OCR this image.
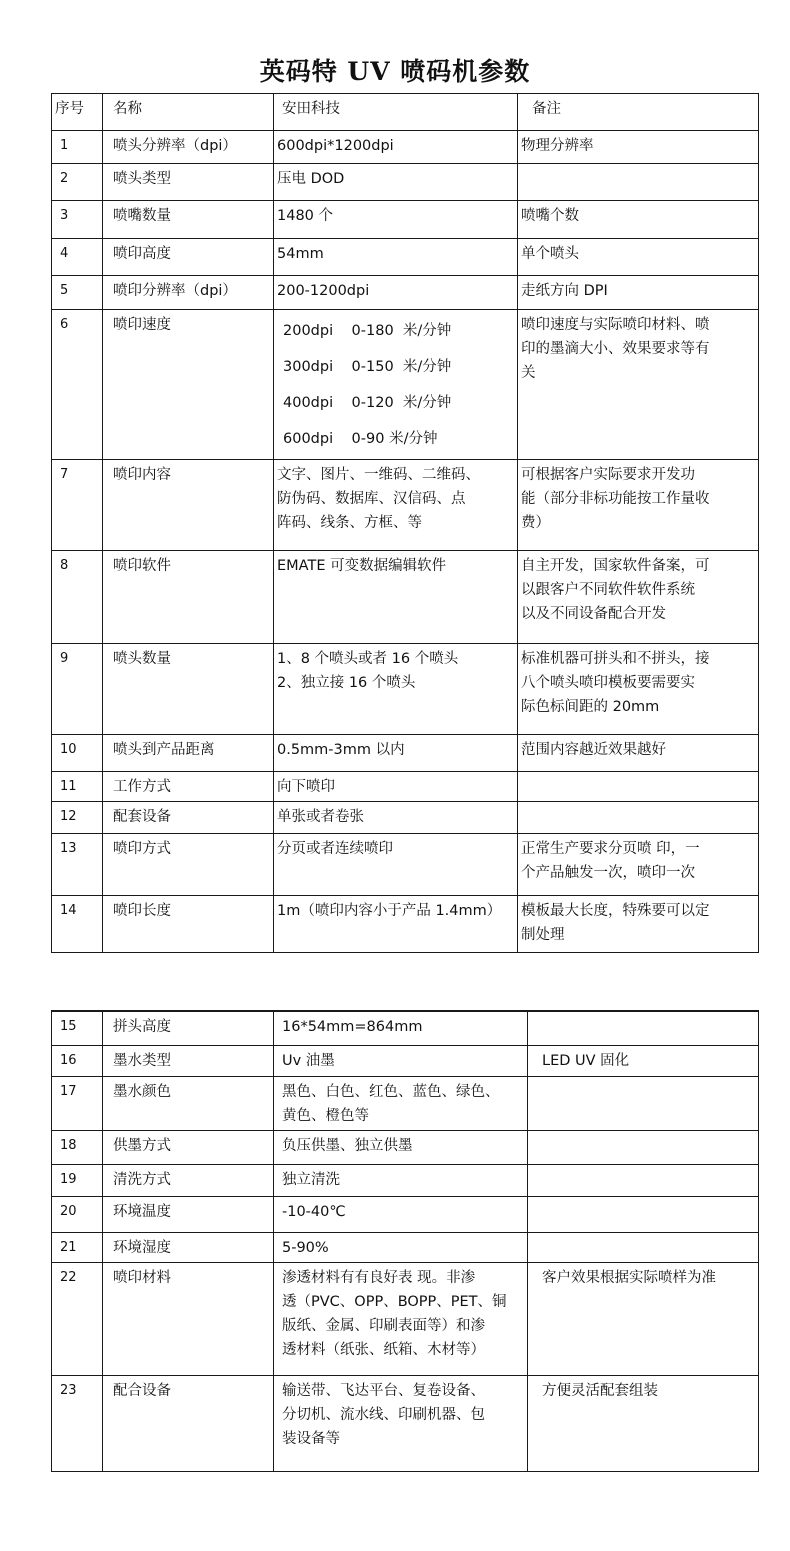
英码特 UV 喷码机参数
序号	名称	安田科技	备注
1	喷头分辨率（dpi）	600dpi*1200dpi	物理分辨率

2	喷头类型	压电 DOD	

3	喷嘴数量	1480 个	喷嘴个数

4	喷印高度	54mm	单个喷头

5	喷印分辨率（dpi）	200-1200dpi	走纸方向 DPI

6	喷印速度	200dpi    0-180  米/分钟
300dpi    0-150  米/分钟
400dpi    0-120  米/分钟
600dpi    0-90 米/分钟	喷印速度与实际喷印材料、喷
印的墨滴大小、效果要求等有
关

7	喷印内容	文字、图片、一维码、二维码、
防伪码、数据库、汉信码、点
阵码、线条、方框、等	可根据客户实际要求开发功
能（部分非标功能按工作量收
费）

8	喷印软件	EMATE 可变数据编辑软件	自主开发，国家软件备案，可
以跟客户不同软件软件系统
以及不同设备配合开发

9	喷头数量	1、8 个喷头或者 16 个喷头
2、独立接 16 个喷头	标准机器可拼头和不拼头，接
八个喷头喷印模板要需要实
际色标间距的 20mm

10	喷头到产品距离	0.5mm-3mm 以内	范围内容越近效果越好

11	工作方式	向下喷印	

12	配套设备	单张或者卷张	

13	喷印方式	分页或者连续喷印	正常生产要求分页喷 印，一
个产品触发一次，喷印一次

14	喷印长度	1m（喷印内容小于产品 1.4mm）	模板最大长度，特殊要可以定
制处理
15	拼头高度	16*54mm=864mm	

16	墨水类型	Uv 油墨	LED UV 固化

17	墨水颜色	黑色、白色、红色、蓝色、绿色、
黄色、橙色等	

18	供墨方式	负压供墨、独立供墨	

19	清洗方式	独立清洗	

20	环境温度	-10-40℃	

21	环境湿度	5-90%	

22	喷印材料	渗透材料有有良好表 现。非渗
透（PVC、OPP、BOPP、PET、铜
版纸、金属、印刷表面等）和渗
透材料（纸张、纸箱、木材等）	客户效果根据实际喷样为准

23	配合设备	输送带、飞达平台、复卷设备、
分切机、流水线、印刷机器、包
装设备等	方便灵活配套组装
